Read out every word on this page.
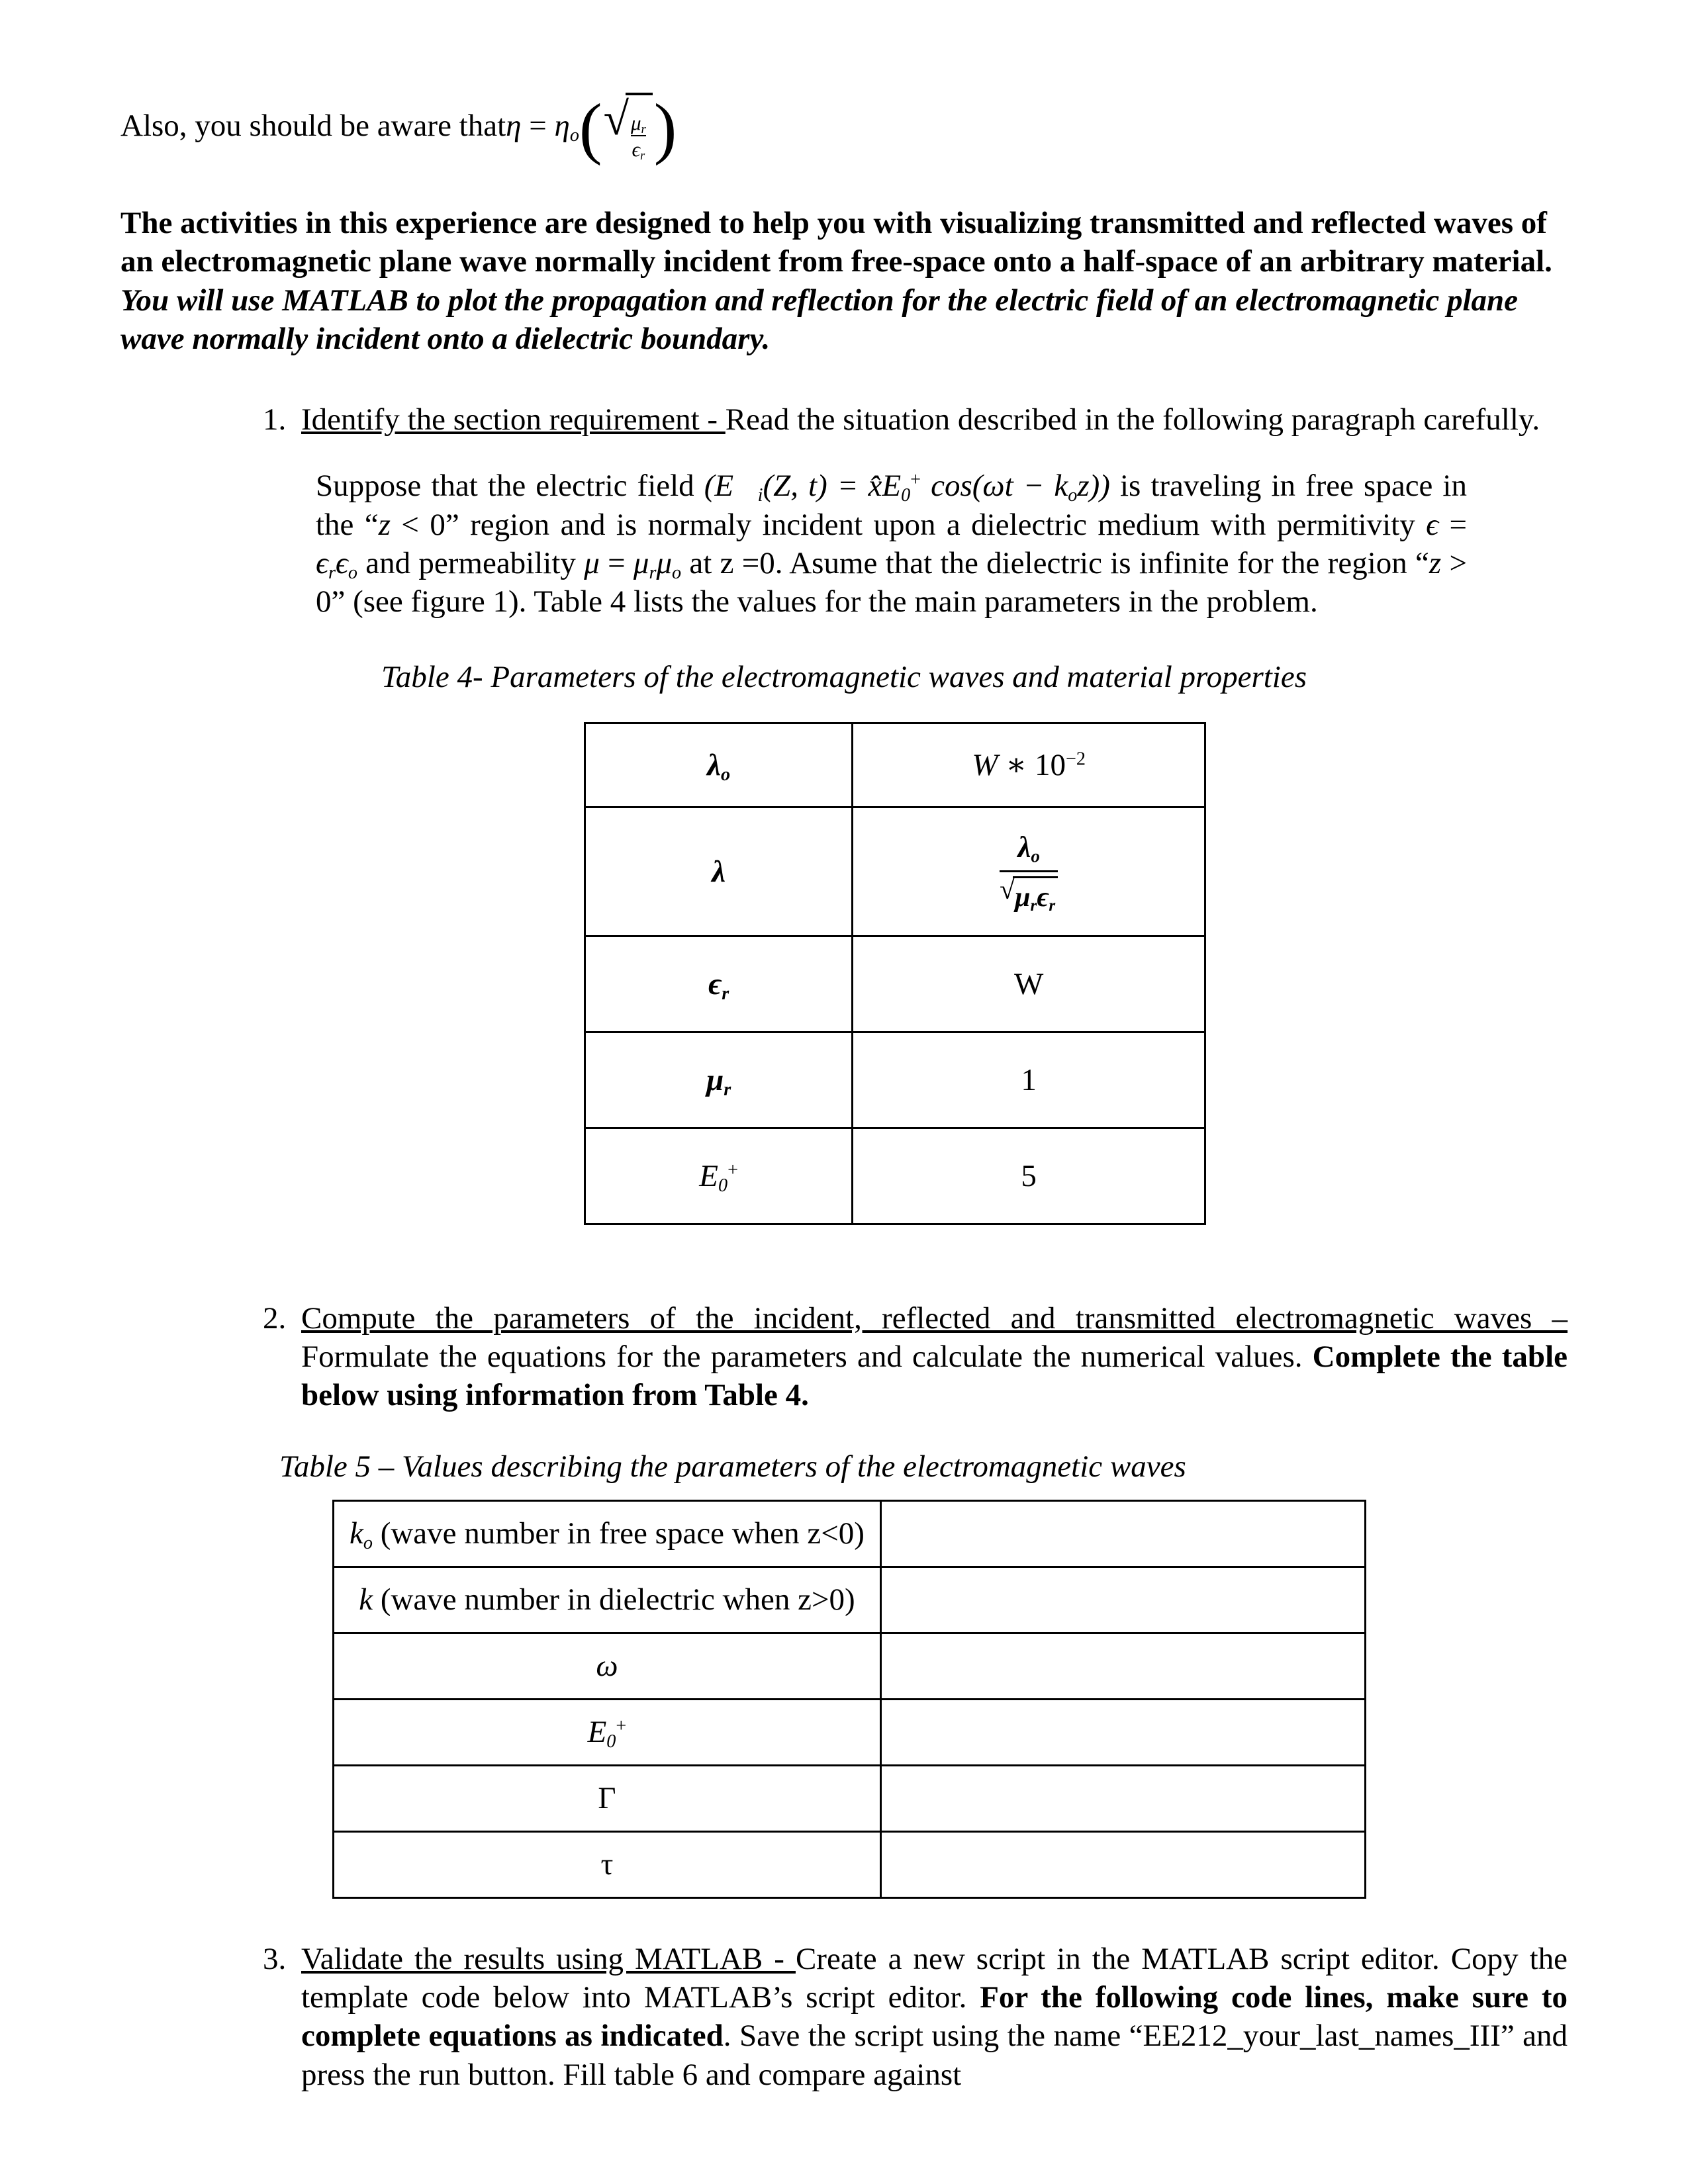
Also, you should be aware that $\eta = \eta_o$ ( √ $\frac{\mu_r}{\epsilon_r}$ )

The activities in this experience are designed to help you with visualizing transmitted and reflected waves of an electromagnetic plane wave normally incident from free-space onto a half-space of an arbitrary material.

You will use MATLAB to plot the propagation and reflection for the electric field of an electromagnetic plane wave normally incident onto a dielectric boundary.

1. Identify the section requirement - Read the situation described in the following paragraph carefully.

Suppose that the electric field ($E⃗_i(Z$, $t) = x̂E_0^+$ $\cos(\omega t - k_oz)$) is traveling in free space in the “z < 0” region and is normaly incident upon a dielectric medium with permitivity $\epsilon = \epsilon_r\epsilon_o$ and permeability $\mu = \mu_r\mu_o$ at z =0. Asume that the dielectric is infinite for the region “z > 0” (see figure 1). Table 4 lists the values for the main parameters in the problem.

Table 4- Parameters of the electromagnetic waves and material properties

$\lambda_o$	W ∗ $10^{-2}$
λ	$\lambda_o$
√ $\mu_r\epsilon_r$

$\epsilon_r$	W
$\mu_r$	1
$E_0^+$	5
2. Compute the parameters of the incident, reflected and transmitted electromagnetic waves – Formulate the equations for the parameters and calculate the numerical values. Complete the table below using information from Table 4.

Table 5 – Values describing the parameters of the electromagnetic waves

$k_o$ (wave number in free space when z<0)	
k (wave number in dielectric when z>0)	
ω	
$E_0^+$	
Γ	
τ	
3. Validate the results using MATLAB - Create a new script in the MATLAB script editor. Copy the template code below into MATLAB’s script editor. For the following code lines, make sure to complete equations as indicated. Save the script using the name “EE212_your_last_names_III” and press the run button. Fill table 6 and compare against
